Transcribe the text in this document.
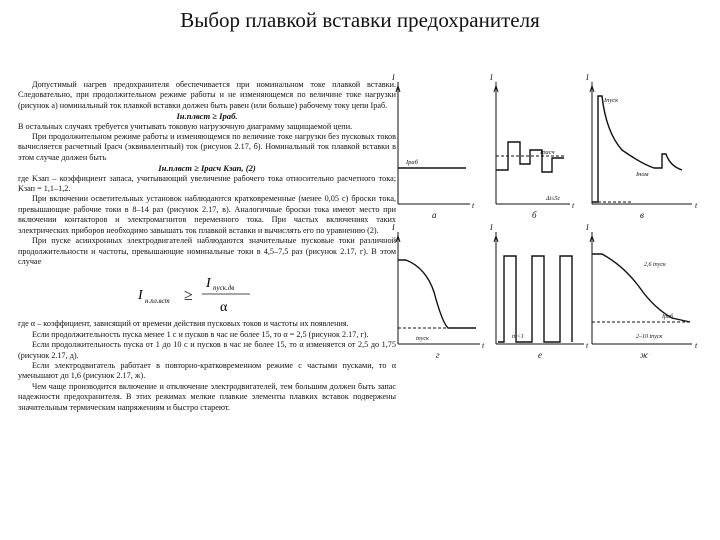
Выбор плавкой вставки предохранителя

Допустимый нагрев предохранителя обеспечивается при номинальном токе плавкой вставки. Следовательно, при продолжительном режиме работы и не изменяющемся по величине токе нагрузки (рисунок а) номинальный ток плавкой вставки должен быть равен (или больше) рабочему току цепи Iраб.

Iн.плвст ≥ Iраб.

В остальных случаях требуется учитывать токовую нагрузочную диаграмму защищаемой цепи.

При продолжительном режиме работы и изменяющемся по величине токе нагрузки без пусковых токов вычисляется расчетный Iрасч (эквивалентный) ток (рисунок 2.17, б). Номинальный ток плавкой вставки в этом случае должен быть

Iн.плвст ≥ Iрасч Kзап, (2)

где Kзап – коэффициент запаса, учитывающий увеличение рабочего тока относительно расчетного тока; Kзап = 1,1–1,2.

При включении осветительных установок наблюдаются кратковременные (менее 0,05 с) броски тока, превышающие рабочие токи в 8–14 раз (рисунок 2.17, в). Аналогичные броски тока имеют место при включении контакторов и электромагнитов переменного тока. При частых включениях таких электрических приборов необходимо завышать ток плавкой вставки и вычислять его по уравнению (2).

При пуске асинхронных электродвигателей наблюдаются значительные пусковые токи различной продолжительности и частоты, превышающие номинальные токи в 4,5–7,5 раз (рисунок 2.17, г). В этом случае

I н.пл.вст ≥
I пуск.дв
α

где α – коэффициент, зависящий от времени действия пусковых токов и частоты их появления.

Если продолжительность пуска менее 1 с и пусков в час не более 15, то α = 2,5 (рисунок 2.17, г).

Если продолжительность пуска от 1 до 10 с и пусков в час не более 15, то α изменяется от 2,5 до 1,75 (рисунок 2.17, д).

Если электродвигатель работает в повторно-кратковременном режиме с частыми пусками, то α уменьшают до 1,6 (рисунок 2.17, ж).

Чем чаще производится включение и отключение электродвигателей, тем большим должен быть запас надежности предохранителя. В этих режимах мелкие плавкие элементы плавких вставок подвержены значительным термическим напряжениям и быстро стареют.

I	I	I
I	I	I
t	t	t
t	t	t
Iраб
Iрасч
Δt≤5с
Iпуск
Iном
tпуск
2,6 tпуск
2–10 tпуск
tп<1
Iраб
а	б	в
г	е	ж
